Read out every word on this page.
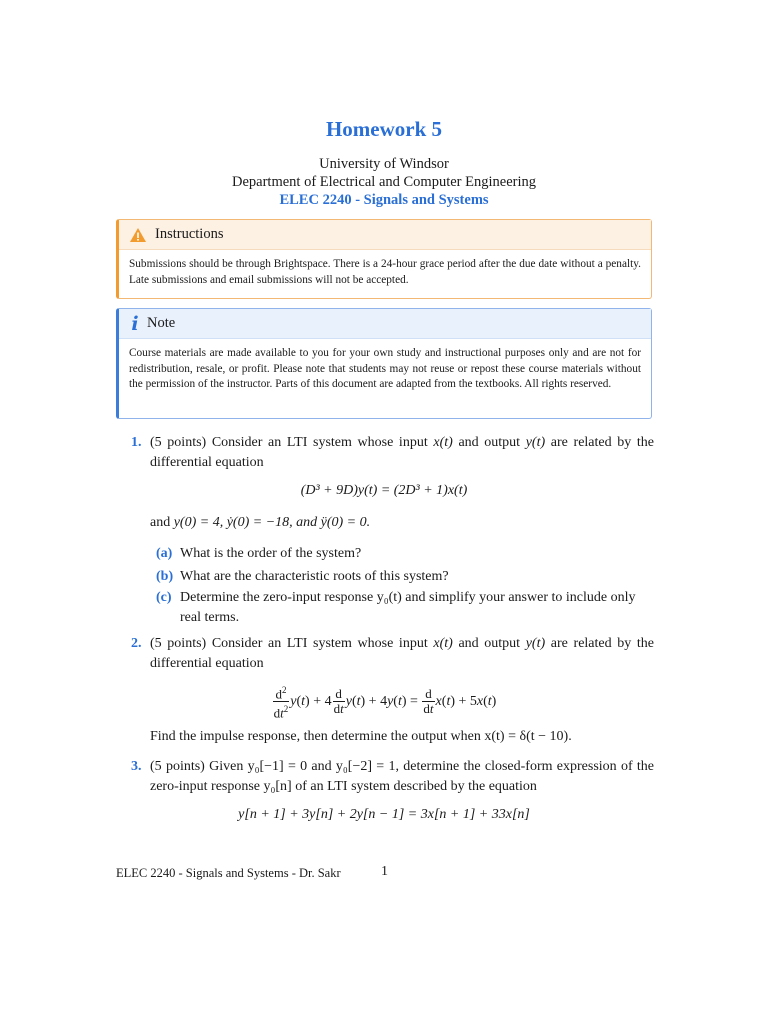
Homework 5
University of Windsor
Department of Electrical and Computer Engineering
ELEC 2240 - Signals and Systems
Instructions
Submissions should be through Brightspace. There is a 24-hour grace period after the due date without a penalty. Late submissions and email submissions will not be accepted.
i Note
Course materials are made available to you for your own study and instructional purposes only and are not for redistribution, resale, or profit. Please note that students may not reuse or repost these course materials without the permission of the instructor. Parts of this document are adapted from the textbooks. All rights reserved.
1. (5 points) Consider an LTI system whose input x(t) and output y(t) are related by the differential equation
(D³ + 9D)y(t) = (2D³ + 1)x(t)
and y(0) = 4, ẏ(0) = −18, and ÿ(0) = 0.
(a) What is the order of the system?
(b) What are the characteristic roots of this system?
(c) Determine the zero-input response y₀(t) and simplify your answer to include only real terms.
2. (5 points) Consider an LTI system whose input x(t) and output y(t) are related by the differential equation
$\frac{d^2}{dt^2} y(t) + 4 \frac{d}{dt} y(t) + 4y(t) = \frac{d}{dt} x(t) + 5x(t)$
Find the impulse response, then determine the output when x(t) = δ(t − 10).
3. (5 points) Given y₀[−1] = 0 and y₀[−2] = 1, determine the closed-form expression of the zero-input response y₀[n] of an LTI system described by the equation
y[n + 1] + 3y[n] + 2y[n − 1] = 3x[n + 1] + 33x[n]
ELEC 2240 - Signals and Systems - Dr. Sakr	1
